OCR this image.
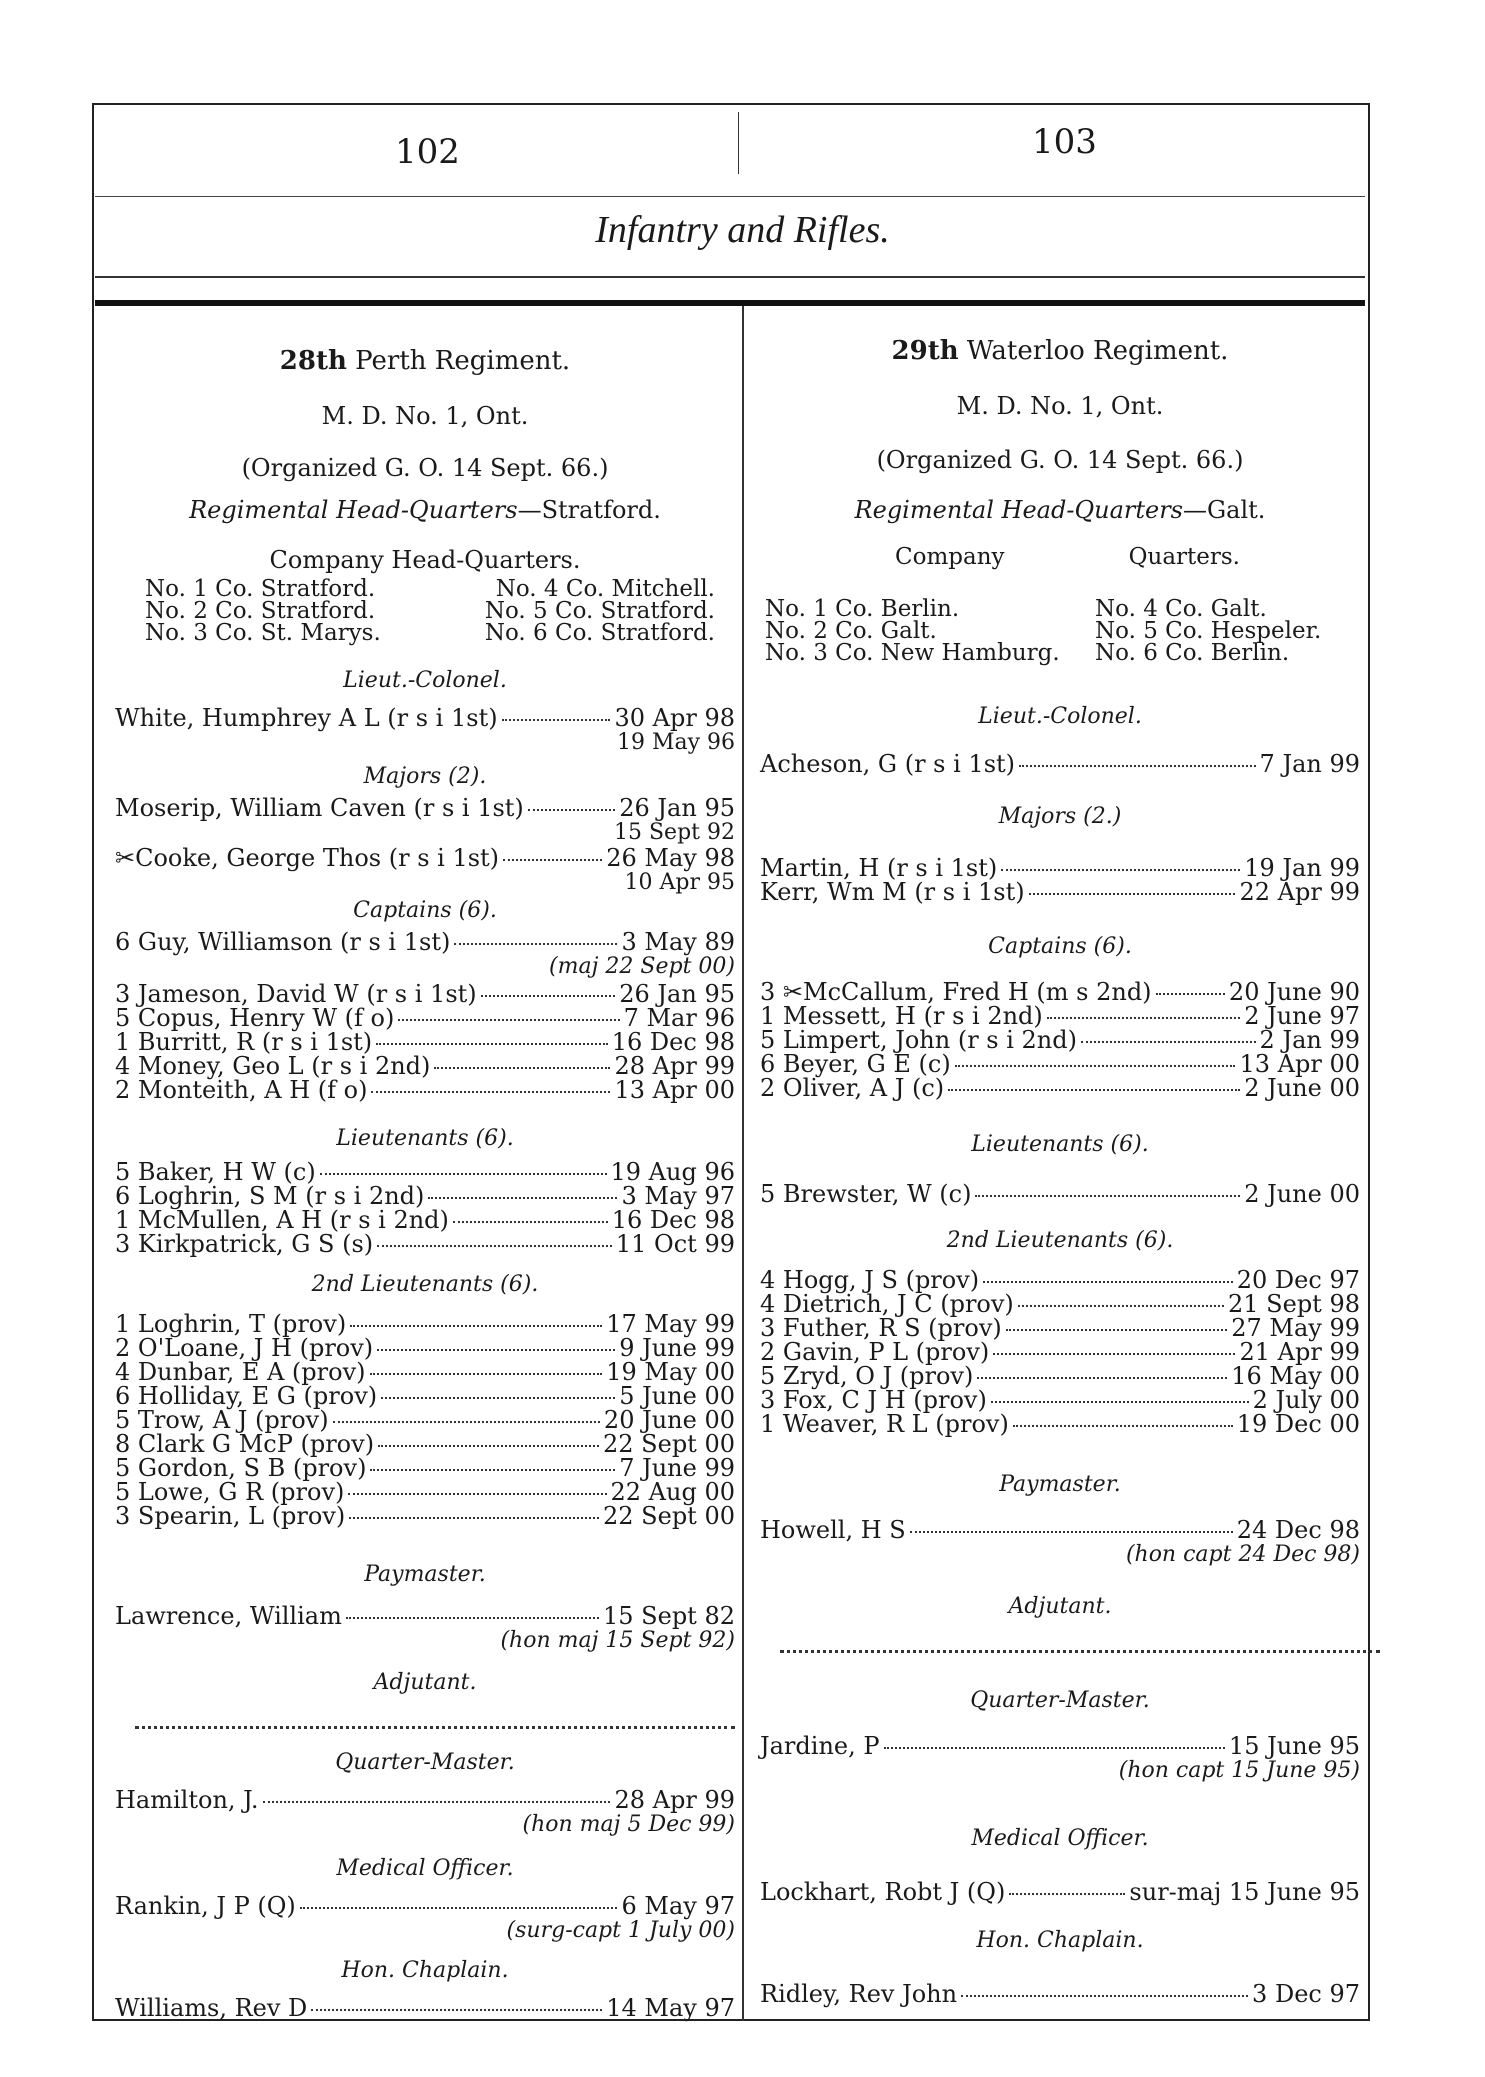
102	103
Infantry and Rifles.
28th Perth Regiment.
M. D. No. 1, Ont.
(Organized G. O. 14 Sept. 66.)
Regimental Head-Quarters—Stratford.
Company Head-Quarters.
No. 1 Co. Stratford.	No. 4 Co. Mitchell.
No. 2 Co. Stratford.	No. 5 Co. Stratford.
No. 3 Co. St. Marys.	No. 6 Co. Stratford.
Lieut.-Colonel.
White, Humphrey A L (r s i 1st)	30 Apr 98
19 May 96
Majors (2).
Moserip, William Caven (r s i 1st)	26 Jan 95
15 Sept 92
✂Cooke, George Thos (r s i 1st)	26 May 98
10 Apr 95
Captains (6).
6 Guy, Williamson (r s i 1st)	3 May 89
(maj 22 Sept 00)
3 Jameson, David W (r s i 1st)	26 Jan 95
5 Copus, Henry W (f o)	7 Mar 96
1 Burritt, R (r s i 1st)	16 Dec 98
4 Money, Geo L (r s i 2nd)	28 Apr 99
2 Monteith, A H (f o)	13 Apr 00
Lieutenants (6).
5 Baker, H W (c)	19 Aug 96
6 Loghrin, S M (r s i 2nd)	3 May 97
1 McMullen, A H (r s i 2nd)	16 Dec 98
3 Kirkpatrick, G S (s)	11 Oct 99
2nd Lieutenants (6).
1 Loghrin, T (prov)	17 May 99
2 O'Loane, J H (prov)	9 June 99
4 Dunbar, E A (prov)	19 May 00
6 Holliday, E G (prov)	5 June 00
5 Trow, A J (prov)	20 June 00
8 Clark G McP (prov)	22 Sept 00
5 Gordon, S B (prov)	7 June 99
5 Lowe, G R (prov)	22 Aug 00
3 Spearin, L (prov)	22 Sept 00
Paymaster.
Lawrence, William	15 Sept 82
(hon maj 15 Sept 92)
Adjutant.
Quarter-Master.
Hamilton, J.	28 Apr 99
(hon maj 5 Dec 99)
Medical Officer.
Rankin, J P (Q)	6 May 97
(surg-capt 1 July 00)
Hon. Chaplain.
Williams, Rev D	14 May 97
29th Waterloo Regiment.
M. D. No. 1, Ont.
(Organized G. O. 14 Sept. 66.)
Regimental Head-Quarters—Galt.
Company	Quarters.
No. 1 Co. Berlin.	No. 4 Co. Galt.
No. 2 Co. Galt.	No. 5 Co. Hespeler.
No. 3 Co. New Hamburg. No. 6 Co. Berlin.
Lieut.-Colonel.
Acheson, G (r s i 1st)	7 Jan 99
Majors (2.)
Martin, H (r s i 1st)	19 Jan 99
Kerr, Wm M (r s i 1st)	22 Apr 99
Captains (6).
3 ✂McCallum, Fred H (m s 2nd)	20 June 90
1 Messett, H (r s i 2nd)	2 June 97
5 Limpert, John (r s i 2nd)	2 Jan 99
6 Beyer, G E (c)	13 Apr 00
2 Oliver, A J (c)	2 June 00
Lieutenants (6).
5 Brewster, W (c)	2 June 00
2nd Lieutenants (6).
4 Hogg, J S (prov)	20 Dec 97
4 Dietrich, J C (prov)	21 Sept 98
3 Futher, R S (prov)	27 May 99
2 Gavin, P L (prov)	21 Apr 99
5 Zryd, O J (prov)	16 May 00
3 Fox, C J H (prov)	2 July 00
1 Weaver, R L (prov)	19 Dec 00
Paymaster.
Howell, H S	24 Dec 98
(hon capt 24 Dec 98)
Adjutant.
Quarter-Master.
Jardine, P	15 June 95
(hon capt 15 June 95)
Medical Officer.
Lockhart, Robt J (Q)	sur-maj 15 June 95
Hon. Chaplain.
Ridley, Rev John	3 Dec 97
